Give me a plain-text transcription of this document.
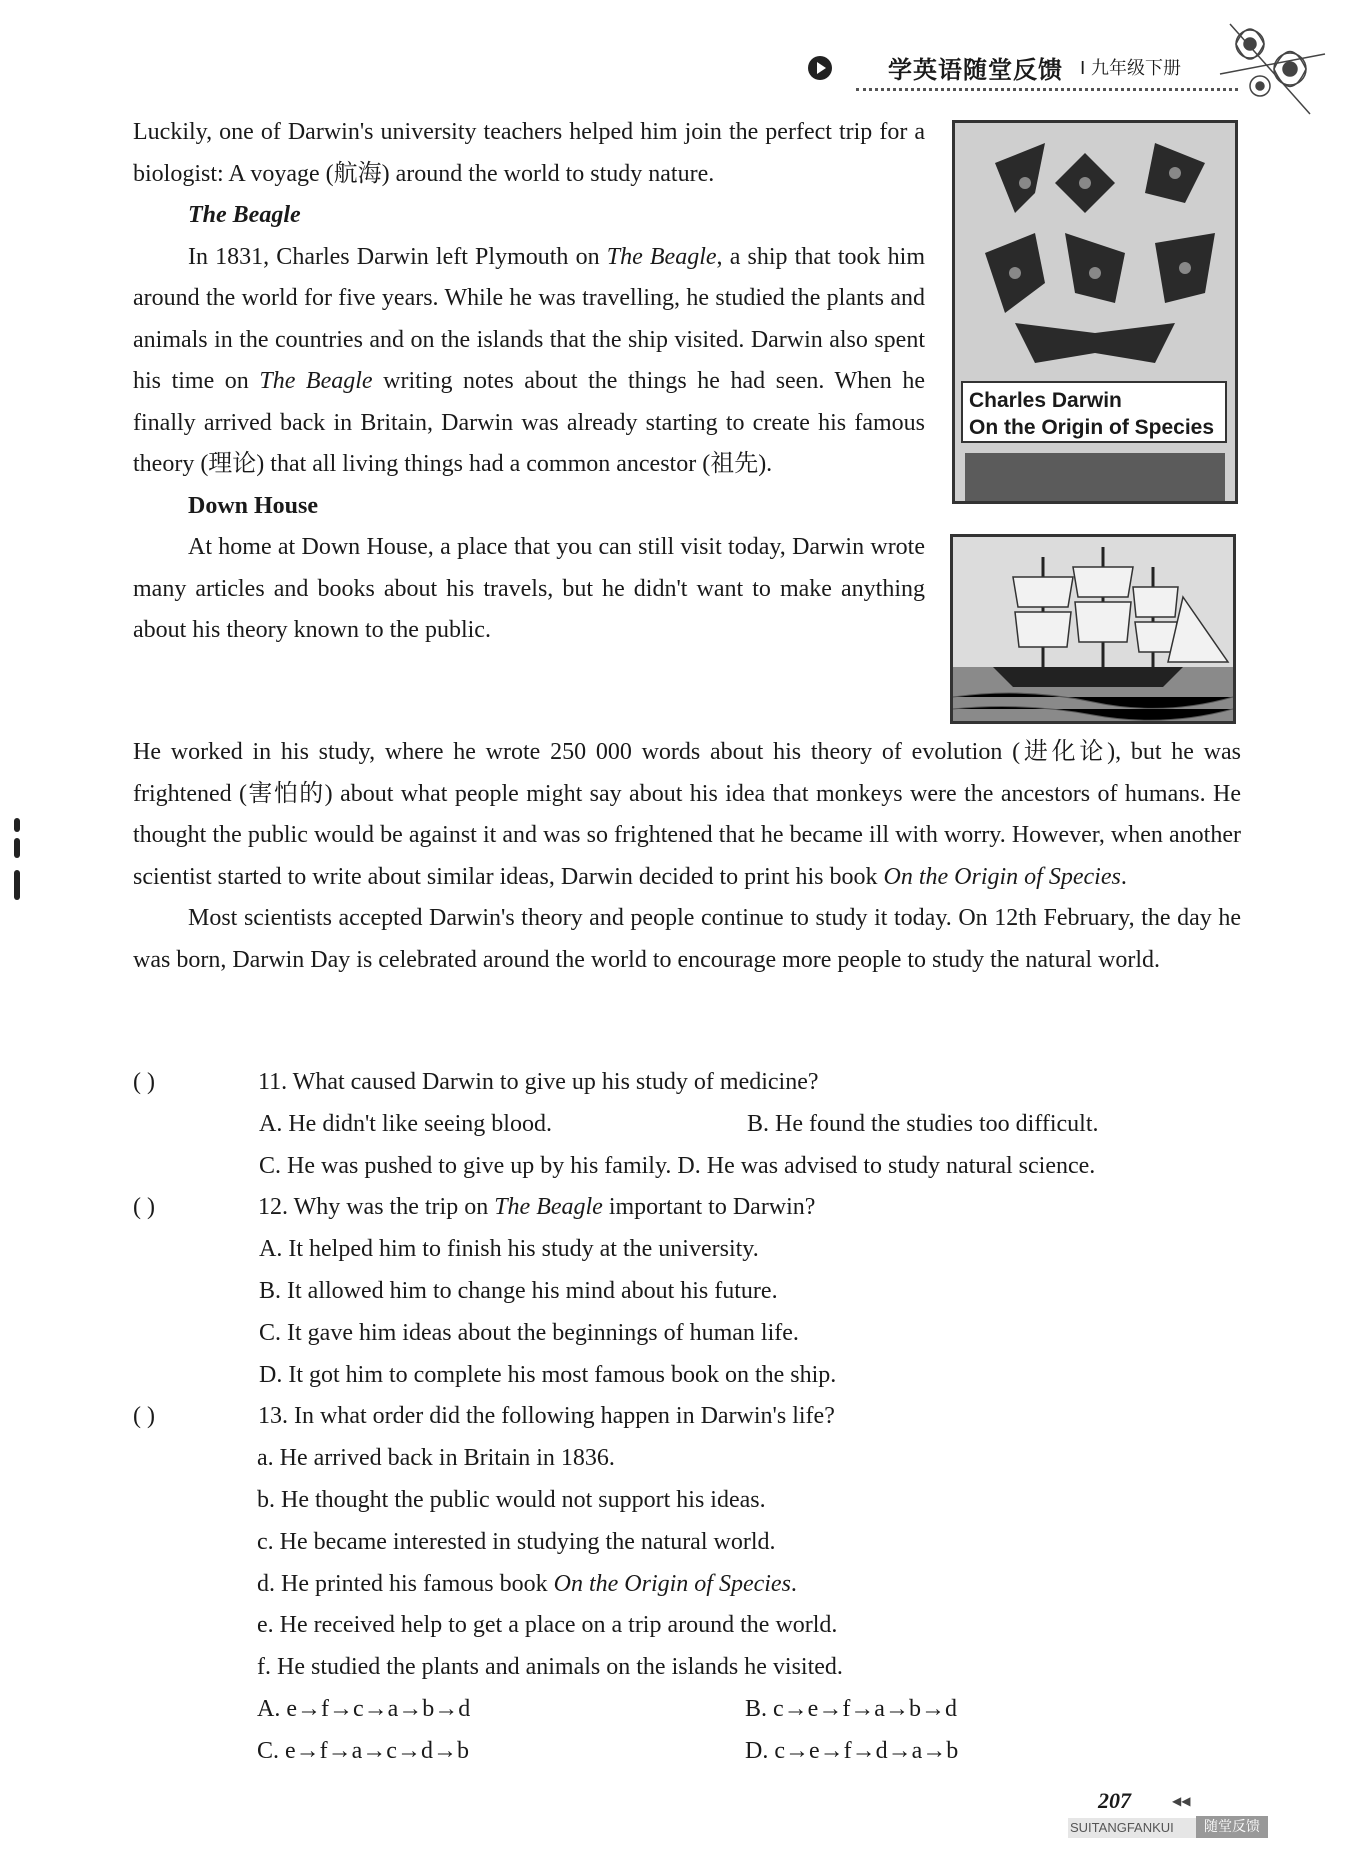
学英语随堂反馈 Ⅰ 九年级下册

Luckily, one of Darwin's university teachers helped him join the perfect trip for a biologist: A voyage (航海) around the world to study nature.

The Beagle

In 1831, Charles Darwin left Plymouth on The Beagle, a ship that took him around the world for five years. While he was travelling, he studied the plants and animals in the countries and on the islands that the ship visited. Darwin also spent his time on The Beagle writing notes about the things he had seen. When he finally arrived back in Britain, Darwin was already starting to create his famous theory (理论) that all living things had a common ancestor (祖先).

Down House

At home at Down House, a place that you can still visit today, Darwin wrote many articles and books about his travels, but he didn't want to make anything about his theory known to the public.

Charles Darwin
On the Origin of Species

He worked in his study, where he wrote 250 000 words about his theory of evolution (进化论), but he was frightened (害怕的) about what people might say about his idea that monkeys were the ancestors of humans. He thought the public would be against it and was so frightened that he became ill with worry. However, when another scientist started to write about similar ideas, Darwin decided to print his book On the Origin of Species.

Most scientists accepted Darwin's theory and people continue to study it today. On 12th February, the day he was born, Darwin Day is celebrated around the world to encourage more people to study the natural world.

( )	11. What caused Darwin to give up his study of medicine?

A. He didn't like seeing blood.	B. He found the studies too difficult.

C. He was pushed to give up by his family. D. He was advised to study natural science.

( )	12. Why was the trip on The Beagle important to Darwin?

A. It helped him to finish his study at the university.

B. It allowed him to change his mind about his future.

C. It gave him ideas about the beginnings of human life.

D. It got him to complete his most famous book on the ship.

( )	13. In what order did the following happen in Darwin's life?

a. He arrived back in Britain in 1836.

b. He thought the public would not support his ideas.

c. He became interested in studying the natural world.

d. He printed his famous book On the Origin of Species.

e. He received help to get a place on a trip around the world.

f. He studied the plants and animals on the islands he visited.

A. e→f→c→a→b→d	B. c→e→f→a→b→d

C. e→f→a→c→d→b	D. c→e→f→d→a→b

207	◀◀
SUITANGFANKUI	随堂反馈
